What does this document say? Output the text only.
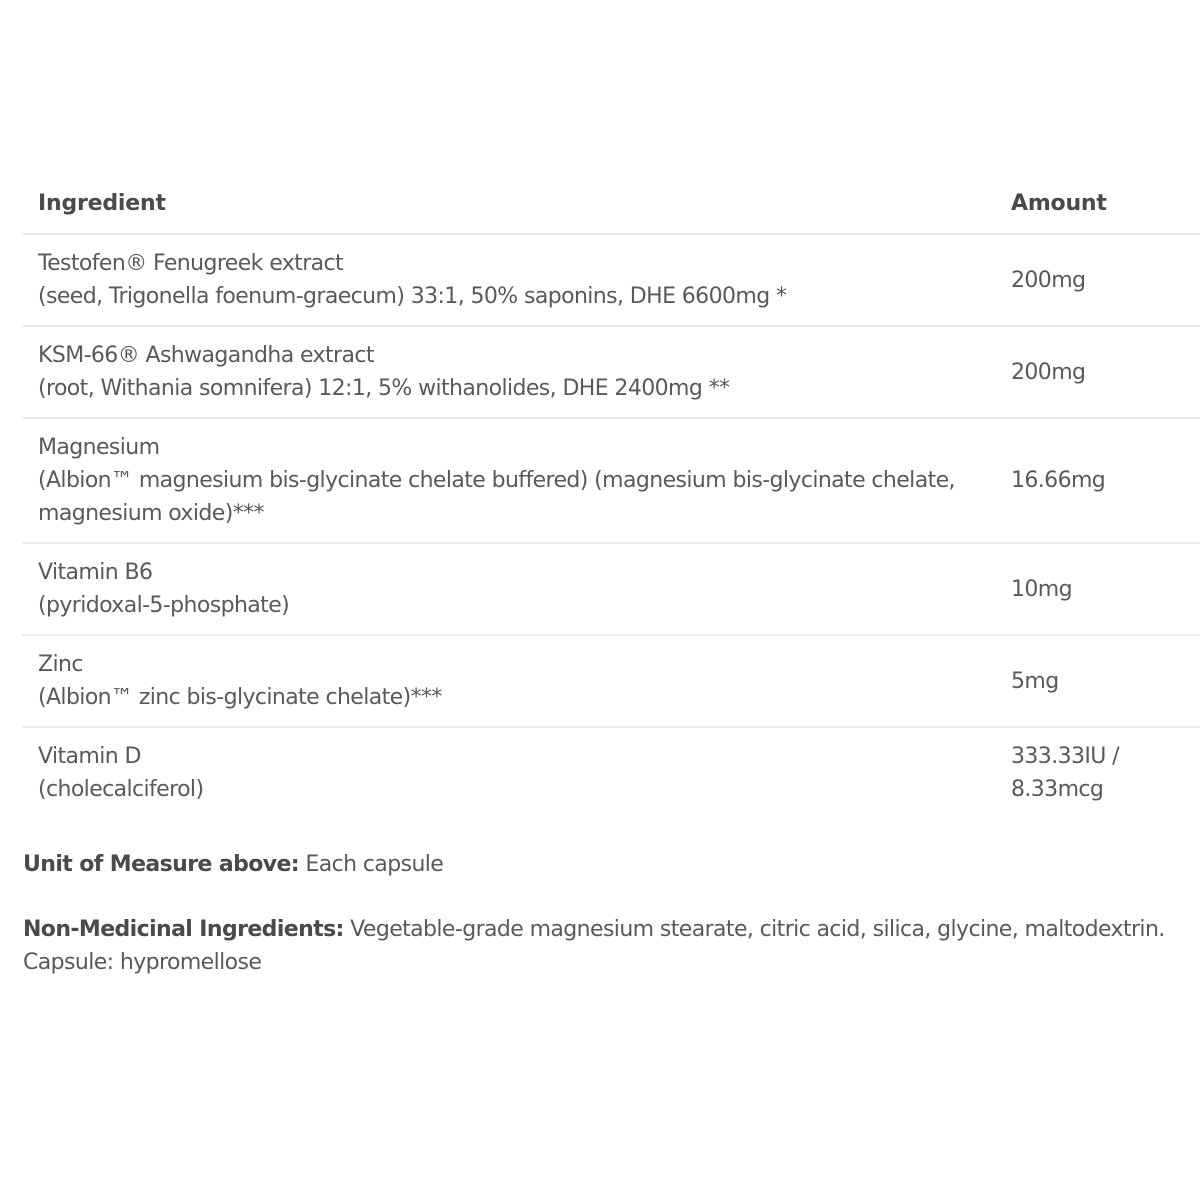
Ingredient	Amount

Testofen® Fenugreek extract
(seed, Trigonella foenum-graecum) 33:1, 50% saponins, DHE 6600mg *	200mg

KSM-66® Ashwagandha extract
(root, Withania somnifera) 12:1, 5% withanolides, DHE 2400mg **	200mg

Magnesium
(Albion™ magnesium bis-glycinate chelate buffered) (magnesium bis-glycinate chelate, magnesium oxide)***	16.66mg

Vitamin B6
(pyridoxal-5-phosphate)	10mg

Zinc
(Albion™ zinc bis-glycinate chelate)***	5mg

Vitamin D
(cholecalciferol)	333.33IU / 8.33mcg
Unit of Measure above: Each capsule
Non-Medicinal Ingredients: Vegetable-grade magnesium stearate, citric acid, silica, glycine, maltodextrin.
Capsule: hypromellose
